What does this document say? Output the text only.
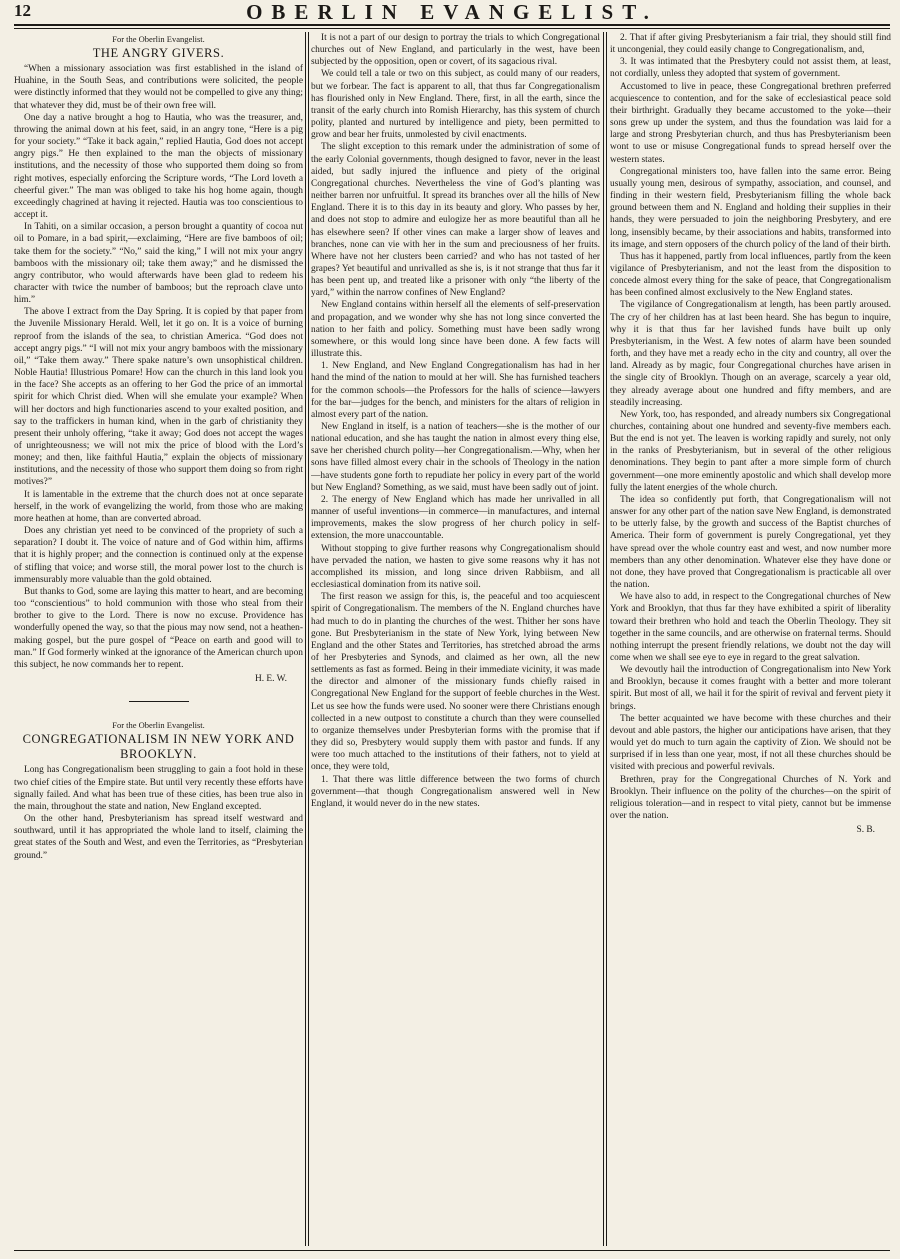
12	OBERLIN EVANGELIST.

For the Oberlin Evangelist.

THE ANGRY GIVERS.

“When a missionary association was first established in the island of Huahine, in the South Seas, and contributions were solicited, the people were distinctly informed that they would not be compelled to give any thing; that whatever they did, must be of their own free will.

One day a native brought a hog to Hautia, who was the treasurer, and, throwing the animal down at his feet, said, in an angry tone, “Here is a pig for your society.” “Take it back again,” replied Hautia, God does not accept angry pigs.” He then explained to the man the objects of missionary institutions, and the necessity of those who supported them doing so from right motives, especially enforcing the Scripture words, “The Lord loveth a cheerful giver.” The man was obliged to take his hog home again, though exceedingly chagrined at having it rejected. Hautia was too conscientious to accept it.

In Tahiti, on a similar occasion, a person brought a quantity of cocoa nut oil to Pomare, in a bad spirit,—exclaiming, “Here are five bamboos of oil; take them for the society.” “No,” said the king,” I will not mix your angry bamboos with the missionary oil; take them away;” and he dismissed the angry contributor, who would afterwards have been glad to redeem his character with twice the number of bamboos; but the reproach clave unto him.”

The above I extract from the Day Spring. It is copied by that paper from the Juvenile Missionary Herald. Well, let it go on. It is a voice of burning reproof from the islands of the sea, to christian America. “God does not accept angry pigs.” “I will not mix your angry bamboos with the missionary oil,” “Take them away.” There spake nature’s own unsophistical children. Noble Hautia! Illustrious Pomare! How can the church in this land look you in the face? She accepts as an offering to her God the price of an immortal spirit for which Christ died. When will she emulate your example? When will her doctors and high functionaries ascend to your exalted position, and say to the traffickers in human kind, when in the garb of christianity they present their unholy offering, “take it away; God does not accept the wages of unrighteousness; we will not mix the price of blood with the Lord’s money; and then, like faithful Hautia,” explain the objects of missionary institutions, and the necessity of those who support them doing so from right motives?”

It is lamentable in the extreme that the church does not at once separate herself, in the work of evangelizing the world, from those who are making more heathen at home, than are converted abroad.

Does any christian yet need to be convinced of the propriety of such a separation? I doubt it. The voice of nature and of God within him, affirms that it is highly proper; and the connection is continued only at the expense of stifling that voice; and worse still, the moral power lost to the church is immensurably more valuable than the gold obtained.

But thanks to God, some are laying this matter to heart, and are becoming too “conscientious” to hold communion with those who steal from their brother to give to the Lord. There is now no excuse. Providence has wonderfully opened the way, so that the pious may now send, not a heathen-making gospel, but the pure gospel of “Peace on earth and good will to man.” If God formerly winked at the ignorance of the American church upon this subject, he now commands her to repent.

H. E. W.

For the Oberlin Evangelist.

CONGREGATIONALISM IN NEW YORK AND BROOKLYN.

Long has Congregationalism been struggling to gain a foot hold in these two chief cities of the Empire state. But until very recently these efforts have signally failed. And what has been true of these cities, has been true also in the main, throughout the state and nation, New England excepted.

On the other hand, Presbyterianism has spread itself westward and southward, until it has appropriated the whole land to itself, claiming the great states of the South and West, and even the Territories, as “Presbyterian ground.”

It is not a part of our design to portray the trials to which Congregational churches out of New England, and particularly in the west, have been subjected by the opposition, open or covert, of its sagacious rival.

We could tell a tale or two on this subject, as could many of our readers, but we forbear. The fact is apparent to all, that thus far Congregationalism has flourished only in New England. There, first, in all the earth, since the transit of the early church into Romish Hierarchy, has this system of church polity, planted and nurtured by intelligence and piety, been permitted to grow and bear her fruits, unmolested by civil enactments.

The slight exception to this remark under the administration of some of the early Colonial governments, though designed to favor, never in the least aided, but sadly injured the influence and piety of the original Congregational churches. Nevertheless the vine of God’s planting was neither barren nor unfruitful. It spread its branches over all the hills of New England. There it is to this day in its beauty and glory. Who passes by her, and does not stop to admire and eulogize her as more beautiful than all he has elsewhere seen? If other vines can make a larger show of leaves and branches, none can vie with her in the sum and preciousness of her fruits. Where have not her clusters been carried? and who has not tasted of her grapes? Yet beautiful and unrivalled as she is, is it not strange that thus far it has been pent up, and treated like a prisoner with only “the liberty of the yard,” within the narrow confines of New England?

New England contains within herself all the elements of self-preservation and propagation, and we wonder why she has not long since converted the nation to her faith and policy. Something must have been sadly wrong somewhere, or this would long since have been done. A few facts will illustrate this.

1. New England, and New England Congregationalism has had in her hand the mind of the nation to mould at her will. She has furnished teachers for the common schools—the Professors for the halls of science—lawyers for the bar—judges for the bench, and ministers for the altars of religion in almost every part of the nation.

New England in itself, is a nation of teachers—she is the mother of our national education, and she has taught the nation in almost every thing else, save her cherished church polity—her Congregationalism.—Why, when her sons have filled almost every chair in the schools of Theology in the nation—have students gone forth to repudiate her policy in every part of the world but New England? Something, as we said, must have been sadly out of joint.

2. The energy of New England which has made her unrivalled in all manner of useful inventions—in commerce—in manufactures, and internal improvements, makes the slow progress of her church policy in self-extension, the more unaccountable.

Without stopping to give further reasons why Congregationalism should have pervaded the nation, we hasten to give some reasons why it has not accomplished its mission, and long since driven Rabbiism, and all ecclesiastical domination from its native soil.

The first reason we assign for this, is, the peaceful and too acquiescent spirit of Congregationalism. The members of the N. England churches have had much to do in planting the churches of the west. Thither her sons have gone. But Presbyterianism in the state of New York, lying between New England and the other States and Territories, has stretched abroad the arms of her Presbyteries and Synods, and claimed as her own, all the new settlements as fast as formed. Being in their immediate vicinity, it was made the director and almoner of the missionary funds chiefly raised in Congregational New England for the support of feeble churches in the West. Let us see how the funds were used. No sooner were there Christians enough collected in a new outpost to constitute a church than they were counselled to organize themselves under Presbyterian forms with the promise that if they did so, Presbytery would supply them with pastor and funds. If any were too much attached to the institutions of their fathers, not to yield at once, they were told,

1. That there was little difference between the two forms of church government—that though Congregationalism answered well in New England, it would never do in the new states.

2. That if after giving Presbyterianism a fair trial, they should still find it uncongenial, they could easily change to Congregationalism, and,

3. It was intimated that the Presbytery could not assist them, at least, not cordially, unless they adopted that system of government.

Accustomed to live in peace, these Congregational brethren preferred acquiescence to contention, and for the sake of ecclesiastical peace sold their birthright. Gradually they became accustomed to the yoke—their sons grew up under the system, and thus the foundation was laid for a large and strong Presbyterian church, and thus has Presbyterianism been wont to use or misuse Congregational funds to spread herself over the western states.

Congregational ministers too, have fallen into the same error. Being usually young men, desirous of sympathy, association, and counsel, and finding in their western field, Presbyterianism filling the whole back ground between them and N. England and holding their supplies in their hands, they were persuaded to join the neighboring Presbytery, and ere long, insensibly became, by their associations and habits, transformed into its image, and stern opposers of the church policy of the land of their birth.

Thus has it happened, partly from local influences, partly from the keen vigilance of Presbyterianism, and not the least from the disposition to concede almost every thing for the sake of peace, that Congregationalism has been confined almost exclusively to the New England states.

The vigilance of Congregationalism at length, has been partly aroused. The cry of her children has at last been heard. She has begun to inquire, why it is that thus far her lavished funds have built up only Presbyterianism, in the West. A few notes of alarm have been sounded forth, and they have met a ready echo in the city and country, all over the land. Already as by magic, four Congregational churches have arisen in the single city of Brooklyn. Though on an average, scarcely a year old, they already average about one hundred and fifty members, and are steadily increasing.

New York, too, has responded, and already numbers six Congregational churches, containing about one hundred and seventy-five members each. But the end is not yet. The leaven is working rapidly and surely, not only in the ranks of Presbyterianism, but in several of the other religious denominations. They begin to pant after a more simple form of church government—one more eminently apostolic and which shall develop more fully the latent energies of the whole church.

The idea so confidently put forth, that Congregationalism will not answer for any other part of the nation save New England, is demonstrated to be utterly false, by the growth and success of the Baptist churches of America. Their form of government is purely Congregational, yet they have spread over the whole country east and west, and now number more members than any other denomination. Whatever else they have done or not done, they have proved that Congregationalism is practicable all over the nation.

We have also to add, in respect to the Congregational churches of New York and Brooklyn, that thus far they have exhibited a spirit of liberality toward their brethren who hold and teach the Oberlin Theology. They sit together in the same councils, and are otherwise on fraternal terms. Should nothing interrupt the present friendly relations, we doubt not the day will come when we shall see eye to eye in regard to the great salvation.

We devoutly hail the introduction of Congregationalism into New York and Brooklyn, because it comes fraught with a better and more tolerant spirit. But most of all, we hail it for the spirit of revival and fervent piety it brings.

The better acquainted we have become with these churches and their devout and able pastors, the higher our anticipations have arisen, that they would yet do much to turn again the captivity of Zion. We should not be surprised if in less than one year, most, if not all these churches should be visited with precious and powerful revivals.

Brethren, pray for the Congregational Churches of N. York and Brooklyn. Their influence on the polity of the churches—on the spirit of religious toleration—and in respect to vital piety, cannot but be immense over the nation.

S. B.
